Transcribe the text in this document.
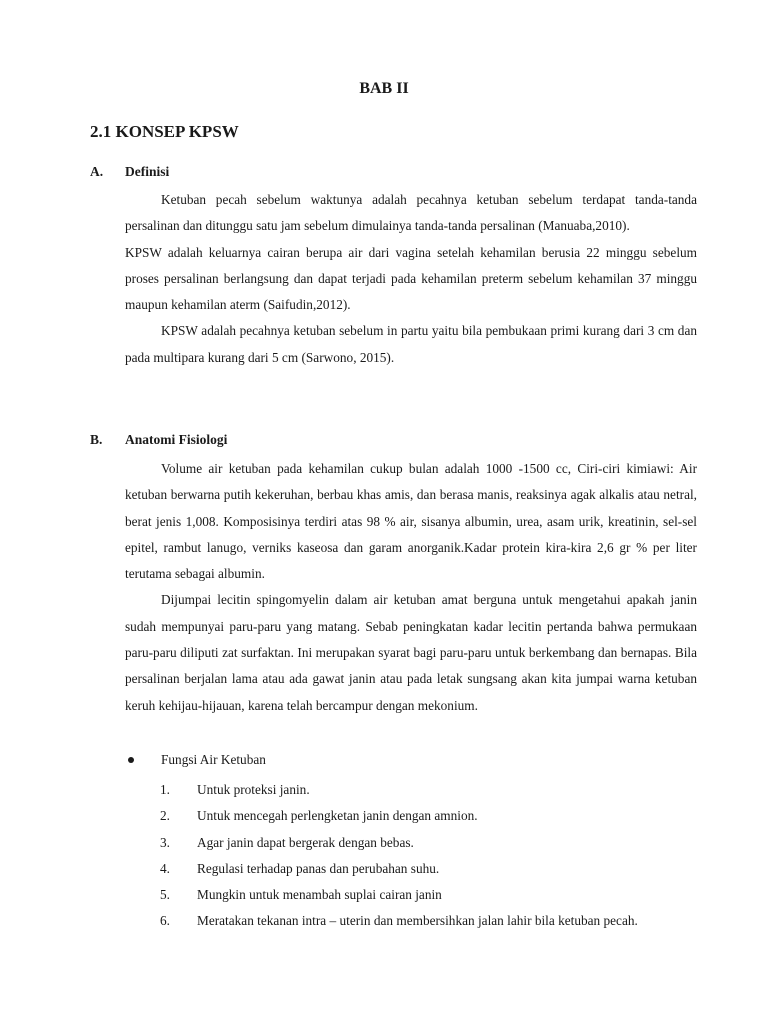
BAB II
2.1 KONSEP KPSW
A.	Definisi

Ketuban pecah sebelum waktunya adalah pecahnya ketuban sebelum terdapat tanda-tanda persalinan dan ditunggu satu jam sebelum dimulainya tanda-tanda persalinan (Manuaba,2010).

KPSW adalah keluarnya cairan berupa air dari vagina setelah kehamilan berusia 22 minggu sebelum proses persalinan berlangsung dan dapat terjadi pada kehamilan preterm sebelum kehamilan 37 minggu maupun kehamilan aterm (Saifudin,2012).

KPSW adalah pecahnya ketuban sebelum in partu yaitu bila pembukaan primi kurang dari 3 cm dan pada multipara kurang dari 5 cm (Sarwono, 2015).

B.	Anatomi Fisiologi

Volume air ketuban pada kehamilan cukup bulan adalah 1000 -1500 cc, Ciri-ciri kimiawi: Air ketuban berwarna putih kekeruhan, berbau khas amis, dan berasa manis, reaksinya agak alkalis atau netral, berat jenis 1,008. Komposisinya terdiri atas 98 % air, sisanya albumin, urea, asam urik, kreatinin, sel-sel epitel, rambut lanugo, verniks kaseosa dan garam anorganik.Kadar protein kira-kira 2,6 gr % per liter terutama sebagai albumin.

Dijumpai lecitin spingomyelin dalam air ketuban amat berguna untuk mengetahui apakah janin sudah mempunyai paru-paru yang matang. Sebab peningkatan kadar lecitin pertanda bahwa permukaan paru-paru diliputi zat surfaktan. Ini merupakan syarat bagi paru-paru untuk berkembang dan bernapas. Bila persalinan berjalan lama atau ada gawat janin atau pada letak sungsang akan kita jumpai warna ketuban keruh kehijau-hijauan, karena telah bercampur dengan mekonium.

Fungsi Air Ketuban
1.	Untuk proteksi janin.
2.	Untuk mencegah perlengketan janin dengan amnion.
3.	Agar janin dapat bergerak dengan bebas.
4.	Regulasi terhadap panas dan perubahan suhu.
5.	Mungkin untuk menambah suplai cairan janin
6.	Meratakan tekanan intra – uterin dan membersihkan jalan lahir bila ketuban pecah.
